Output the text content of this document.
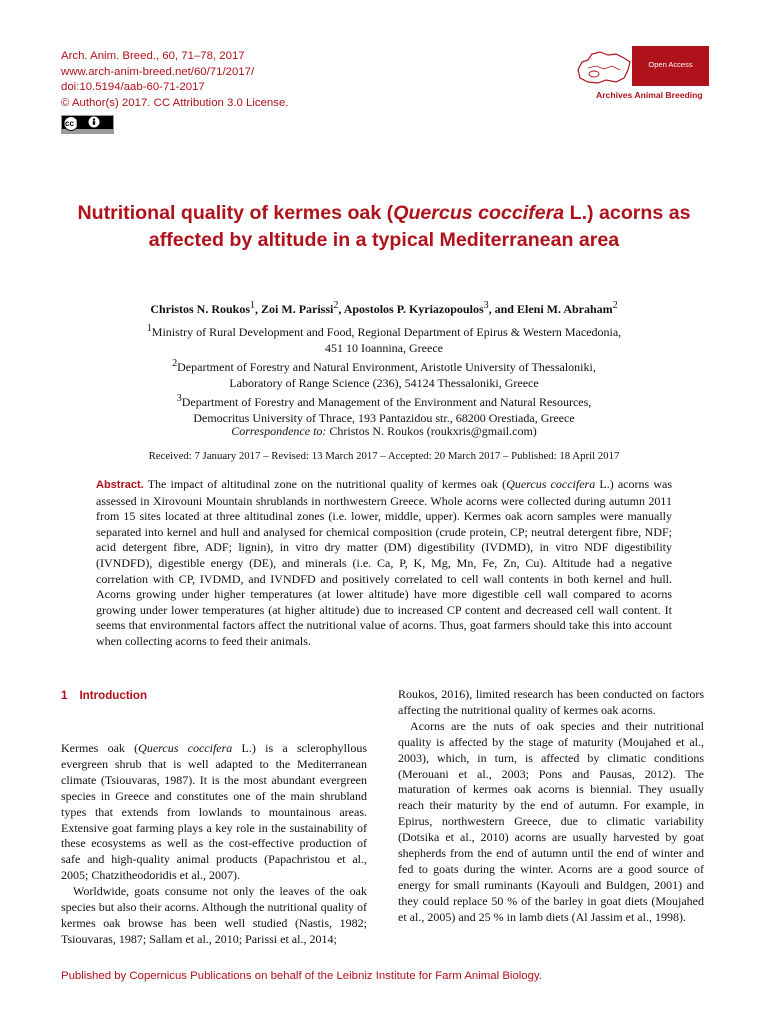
Arch. Anim. Breed., 60, 71–78, 2017
www.arch-anim-breed.net/60/71/2017/
doi:10.5194/aab-60-71-2017
© Author(s) 2017. CC Attribution 3.0 License.
cc by
Open Access
Archives Animal Breeding
Nutritional quality of kermes oak (Quercus coccifera L.) acorns as affected by altitude in a typical Mediterranean area
Christos N. Roukos$^1$, Zoi M. Parissi$^2$, Apostolos P. Kyriazopoulos$^3$, and Eleni M. Abraham$^2$
$^1$Ministry of Rural Development and Food, Regional Department of Epirus & Western Macedonia,
451 10 Ioannina, Greece
$^2$Department of Forestry and Natural Environment, Aristotle University of Thessaloniki,
Laboratory of Range Science (236), 54124 Thessaloniki, Greece
$^3$Department of Forestry and Management of the Environment and Natural Resources,
Democritus University of Thrace, 193 Pantazidou str., 68200 Orestiada, Greece
Correspondence to: Christos N. Roukos (roukxris@gmail.com)
Received: 7 January 2017 – Revised: 13 March 2017 – Accepted: 20 March 2017 – Published: 18 April 2017
Abstract. The impact of altitudinal zone on the nutritional quality of kermes oak (Quercus coccifera L.) acorns was assessed in Xirovouni Mountain shrublands in northwestern Greece. Whole acorns were collected during autumn 2011 from 15 sites located at three altitudinal zones (i.e. lower, middle, upper). Kermes oak acorn samples were manually separated into kernel and hull and analysed for chemical composition (crude protein, CP; neutral detergent fibre, NDF; acid detergent fibre, ADF; lignin), in vitro dry matter (DM) digestibility (IVDMD), in vitro NDF digestibility (IVNDFD), digestible energy (DE), and minerals (i.e. Ca, P, K, Mg, Mn, Fe, Zn, Cu). Altitude had a negative correlation with CP, IVDMD, and IVNDFD and positively correlated to cell wall contents in both kernel and hull. Acorns growing under higher temperatures (at lower altitude) have more digestible cell wall compared to acorns growing under lower temperatures (at higher altitude) due to increased CP content and decreased cell wall content. It seems that environmental factors affect the nutritional value of acorns. Thus, goat farmers should take this into account when collecting acorns to feed their animals.
1 Introduction

Kermes oak (Quercus coccifera L.) is a sclerophyllous evergreen shrub that is well adapted to the Mediterranean climate (Tsiouvaras, 1987). It is the most abundant evergreen species in Greece and constitutes one of the main shrubland types that extends from lowlands to mountainous areas. Extensive goat farming plays a key role in the sustainability of these ecosystems as well as the cost-effective production of safe and high-quality animal products (Papachristou et al., 2005; Chatzitheodoridis et al., 2007).

Worldwide, goats consume not only the leaves of the oak species but also their acorns. Although the nutritional quality of kermes oak browse has been well studied (Nastis, 1982; Tsiouvaras, 1987; Sallam et al., 2010; Parissi et al., 2014;

Roukos, 2016), limited research has been conducted on factors affecting the nutritional quality of kermes oak acorns.

Acorns are the nuts of oak species and their nutritional quality is affected by the stage of maturity (Moujahed et al., 2003), which, in turn, is affected by climatic conditions (Merouani et al., 2003; Pons and Pausas, 2012). The maturation of kermes oak acorns is biennial. They usually reach their maturity by the end of autumn. For example, in Epirus, northwestern Greece, due to climatic variability (Dotsika et al., 2010) acorns are usually harvested by goat shepherds from the end of autumn until the end of winter and fed to goats during the winter. Acorns are a good source of energy for small ruminants (Kayouli and Buldgen, 2001) and they could replace 50 % of the barley in goat diets (Moujahed et al., 2005) and 25 % in lamb diets (Al Jassim et al., 1998).

Published by Copernicus Publications on behalf of the Leibniz Institute for Farm Animal Biology.
